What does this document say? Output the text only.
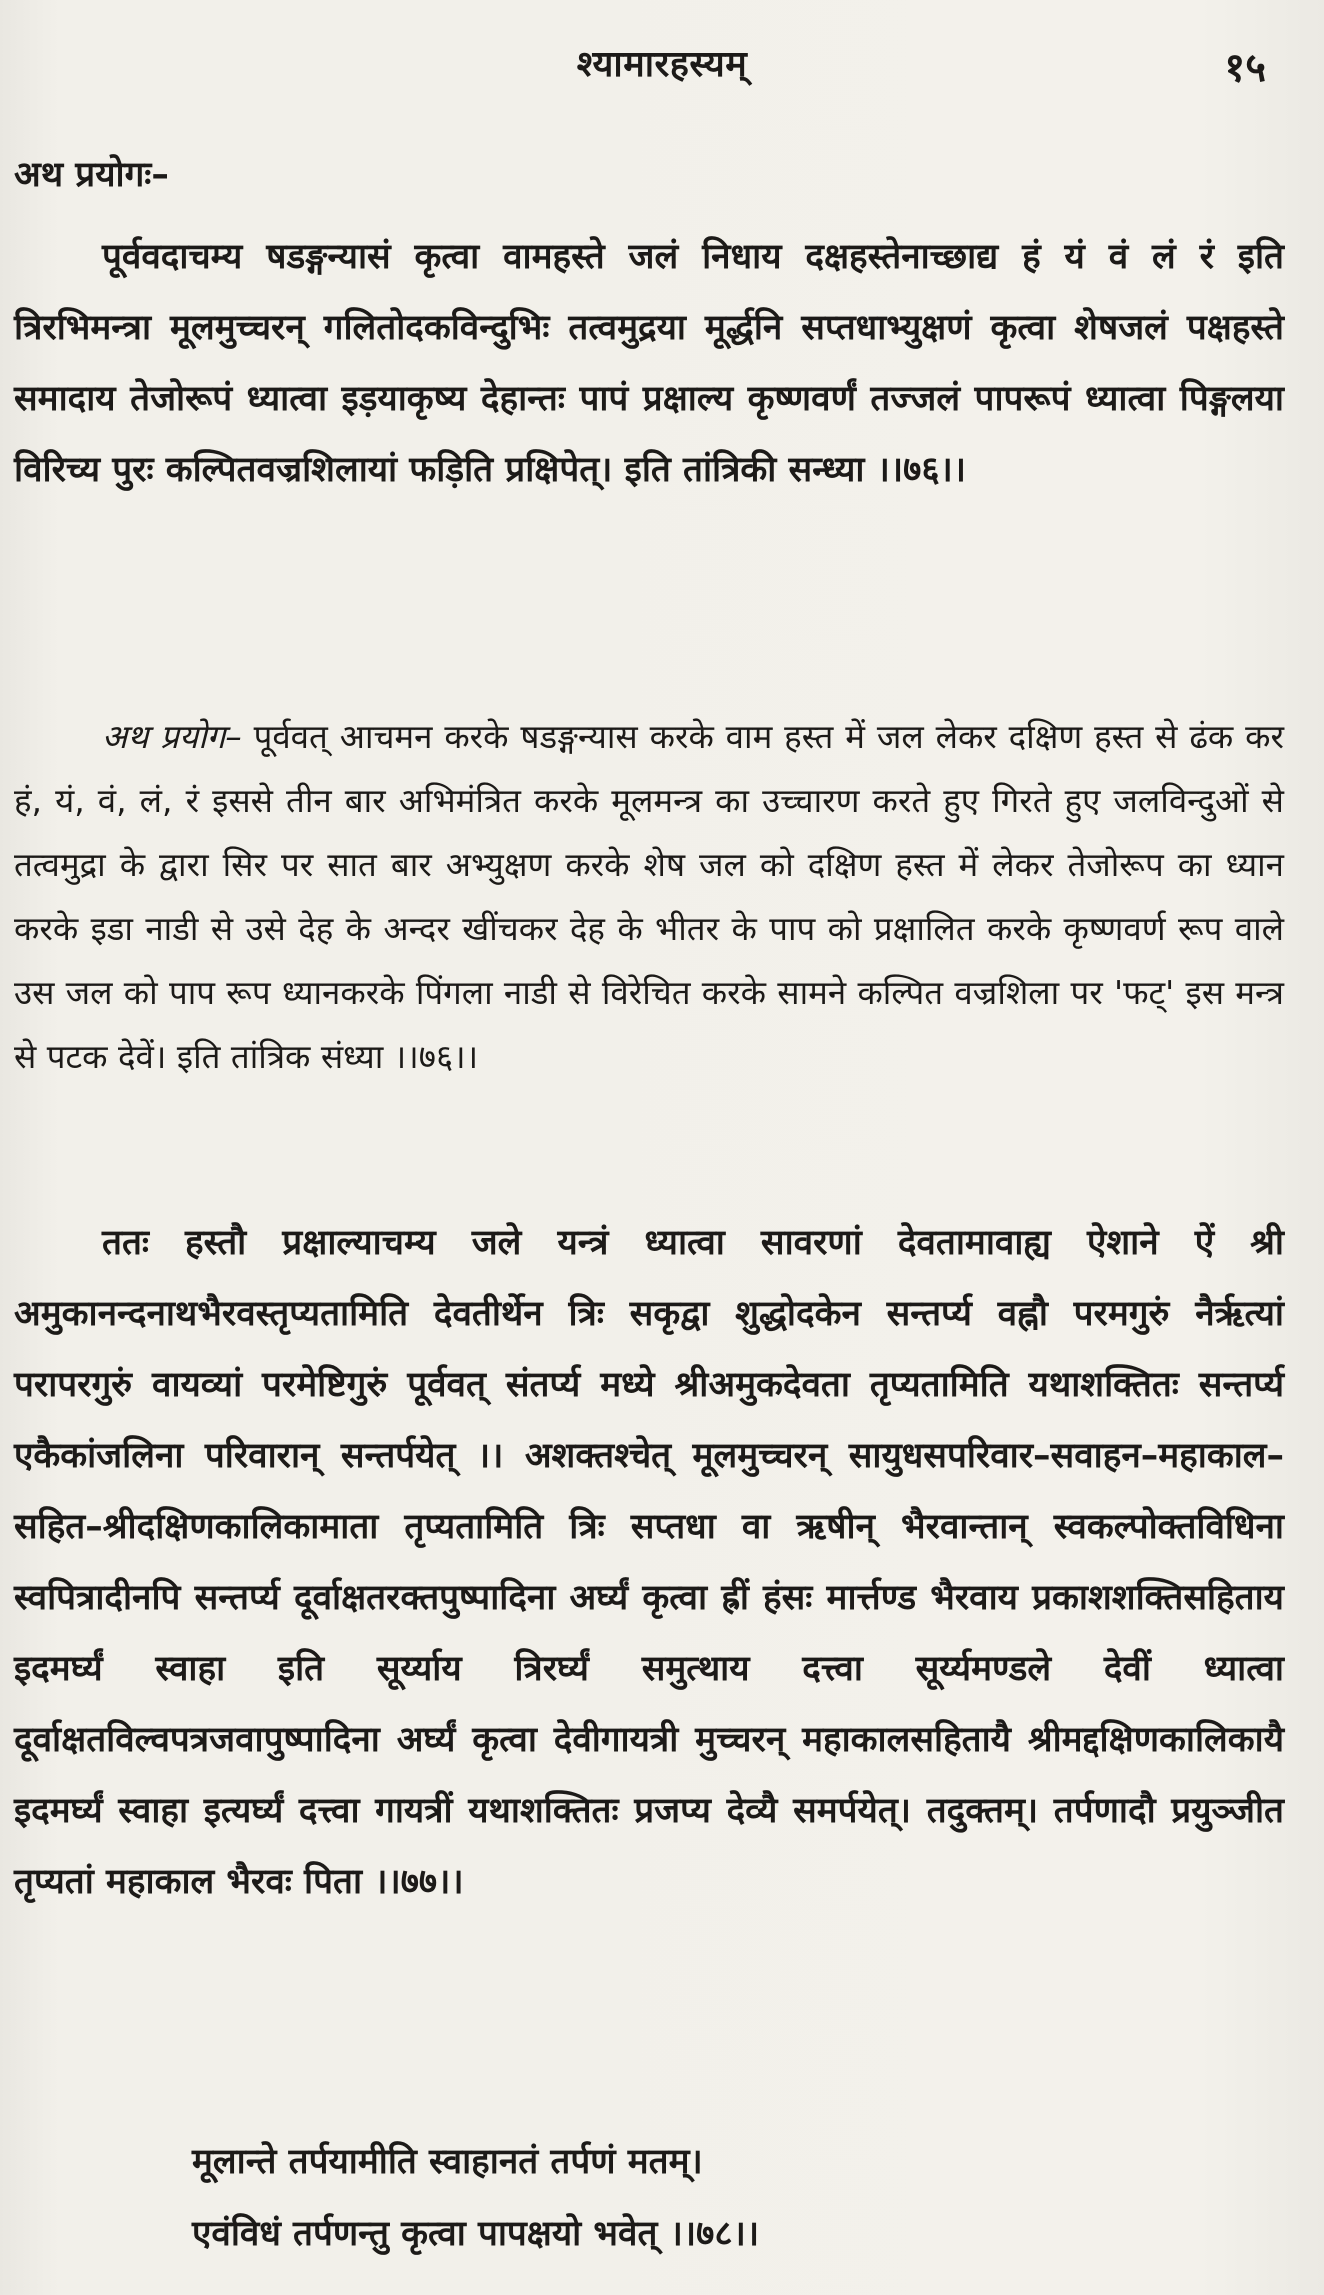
श्यामारहस्यम्	१५

अथ प्रयोगः–

पूर्ववदाचम्य षडङ्गन्यासं कृत्वा वामहस्ते जलं निधाय दक्षहस्तेनाच्छाद्य हं यं वं लं रं इति त्रिरभिमन्त्रा मूलमुच्चरन् गलितोदकविन्दुभिः तत्वमुद्रया मूर्द्धनि सप्तधाभ्युक्षणं कृत्वा शेषजलं पक्षहस्ते समादाय तेजोरूपं ध्यात्वा इड़याकृष्य देहान्तः पापं प्रक्षाल्य कृष्णवर्णं तज्जलं पापरूपं ध्यात्वा पिङ्गलया विरिच्य पुरः कल्पितवज्रशिलायां फड़िति प्रक्षिपेत्। इति तांत्रिकी सन्ध्या ।।७६।।

अथ प्रयोग– पूर्ववत् आचमन करके षडङ्गन्यास करके वाम हस्त में जल लेकर दक्षिण हस्त से ढंक कर हं, यं, वं, लं, रं इससे तीन बार अभिमंत्रित करके मूलमन्त्र का उच्चारण करते हुए गिरते हुए जलविन्दुओं से तत्वमुद्रा के द्वारा सिर पर सात बार अभ्युक्षण करके शेष जल को दक्षिण हस्त में लेकर तेजोरूप का ध्यान करके इडा नाडी से उसे देह के अन्दर खींचकर देह के भीतर के पाप को प्रक्षालित करके कृष्णवर्ण रूप वाले उस जल को पाप रूप ध्यानकरके पिंगला नाडी से विरेचित करके सामने कल्पित वज्रशिला पर 'फट्' इस मन्त्र से पटक देवें। इति तांत्रिक संध्या ।।७६।।

ततः हस्तौ प्रक्षाल्याचम्य जले यन्त्रं ध्यात्वा सावरणां देवतामावाह्य ऐशाने ऐं श्री अमुकानन्दनाथभैरवस्तृप्यतामिति देवतीर्थेन त्रिः सकृद्वा शुद्धोदकेन सन्तर्प्य वह्नौ परमगुरुं नैर्ऋत्यां परापरगुरुं वायव्यां परमेष्टिगुरुं पूर्ववत् संतर्प्य मध्ये श्रीअमुकदेवता तृप्यतामिति यथाशक्तितः सन्तर्प्य एकैकांजलिना परिवारान् सन्तर्पयेत् ।। अशक्तश्चेत् मूलमुच्चरन् सायुधसपरिवार–सवाहन–महाकाल–सहित–श्रीदक्षिणकालिकामाता तृप्यतामिति त्रिः सप्तधा वा ऋषीन् भैरवान्तान् स्वकल्पोक्तविधिना स्वपित्रादीनपि सन्तर्प्य दूर्वाक्षतरक्तपुष्पादिना अर्घ्यं कृत्वा ह्रीं हंसः मार्त्तण्ड भैरवाय प्रकाशशक्तिसहिताय इदमर्घ्यं स्वाहा इति सूर्य्याय त्रिरर्घ्यं समुत्थाय दत्त्वा सूर्य्यमण्डले देवीं ध्यात्वा दूर्वाक्षतविल्वपत्रजवापुष्पादिना अर्घ्यं कृत्वा देवीगायत्री मुच्चरन् महाकालसहितायै श्रीमद्दक्षिणकालिकायै इदमर्घ्यं स्वाहा इत्यर्घ्यं दत्त्वा गायत्रीं यथाशक्तितः प्रजप्य देव्यै समर्पयेत्। तदुक्तम्। तर्पणादौ प्रयुञ्जीत तृप्यतां महाकाल भैरवः पिता ।।७७।।

मूलान्ते तर्पयामीति स्वाहानतं तर्पणं मतम्।

एवंविधं तर्पणन्तु कृत्वा पापक्षयो भवेत् ।।७८।।
